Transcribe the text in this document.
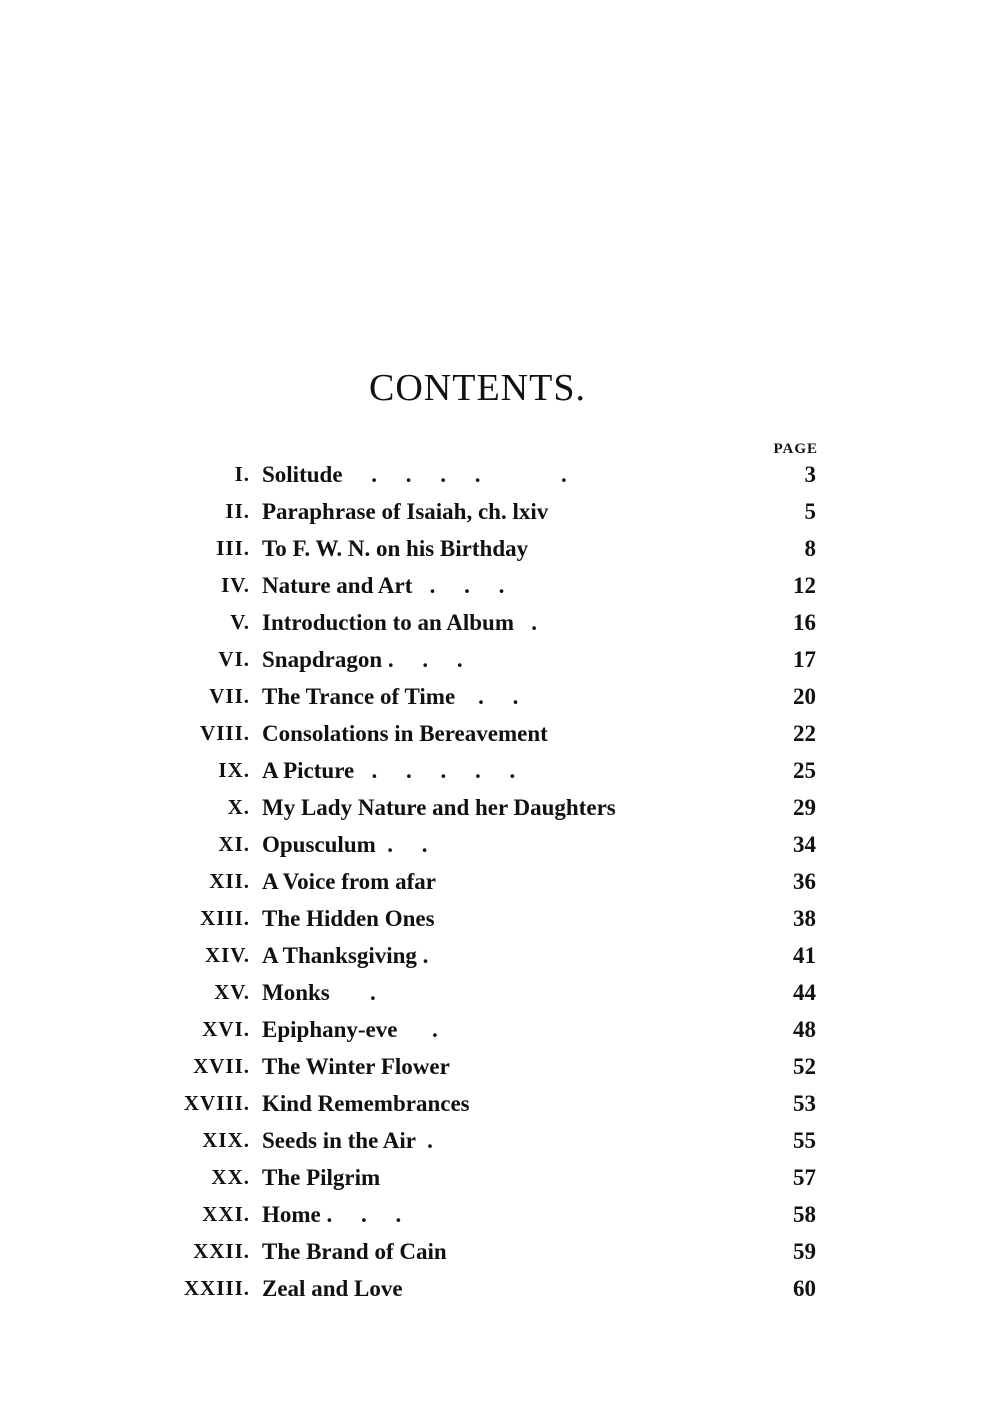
CONTENTS.
PAGE
I. Solitude     .     .     .     .              .	3
II. Paraphrase of Isaiah, ch. lxiv	5
III. To F. W. N. on his Birthday	8
IV. Nature and Art   .     .     .	12
V. Introduction to an Album   .	16
VI. Snapdragon .     .     .	17
VII. The Trance of Time    .     .	20
VIII. Consolations in Bereavement	22
IX. A Picture   .     .     .     .     .	25
X. My Lady Nature and her Daughters	29
XI. Opusculum  .     .	34
XII. A Voice from afar	36
XIII. The Hidden Ones	38
XIV. A Thanksgiving .	41
XV. Monks       .	44
XVI. Epiphany-eve      .	48
XVII. The Winter Flower	52
XVIII. Kind Remembrances	53
XIX. Seeds in the Air  .	55
XX. The Pilgrim	57
XXI. Home .     .     .	58
XXII. The Brand of Cain	59
XXIII. Zeal and Love	60
